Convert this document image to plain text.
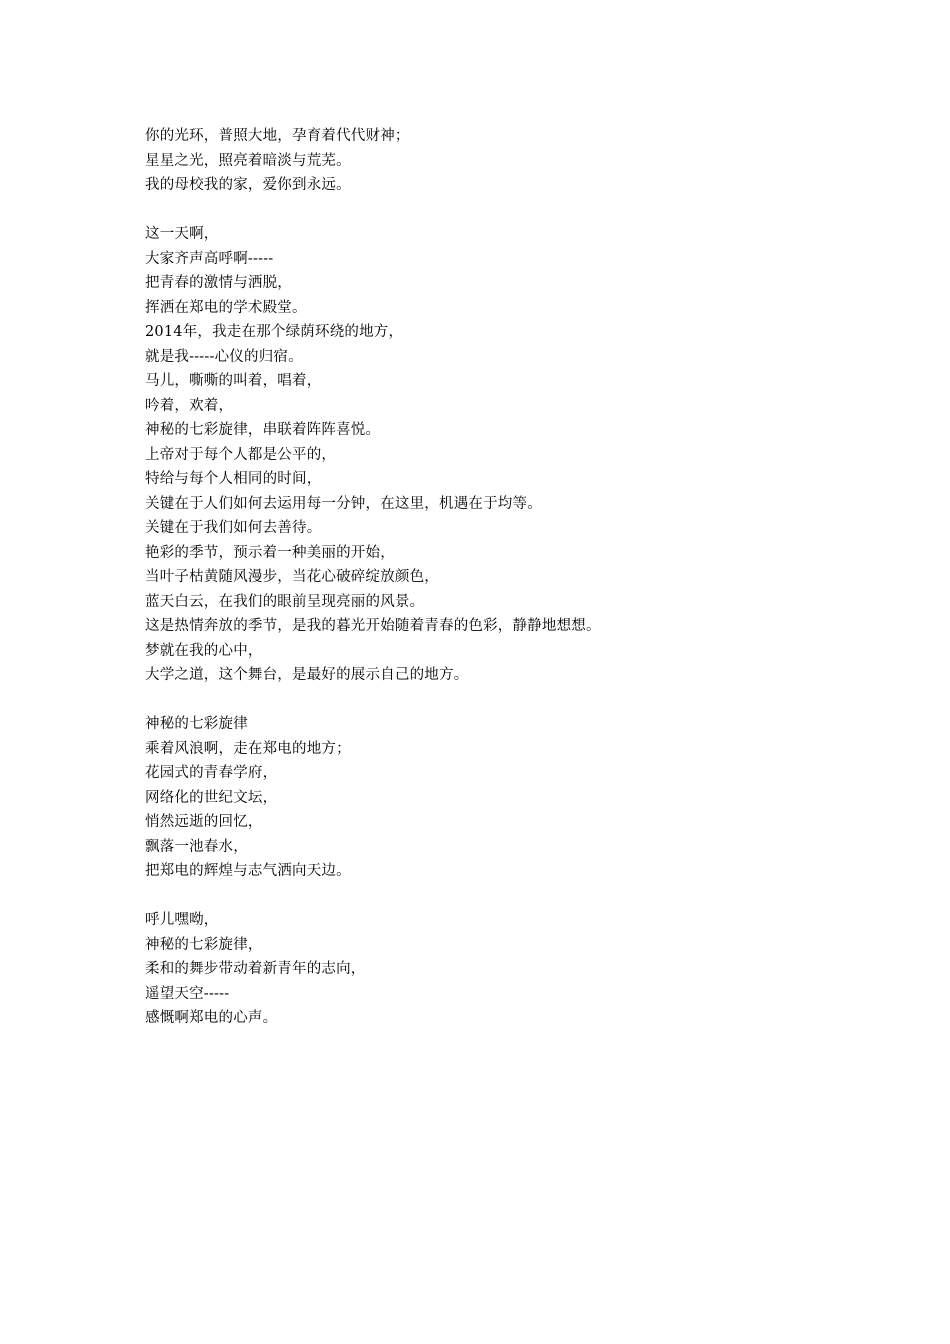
你的光环，普照大地，孕育着代代财神；
星星之光，照亮着暗淡与荒芜。
我的母校我的家，爱你到永远。
这一天啊，
大家齐声高呼啊-----
把青春的激情与洒脱，
挥洒在郑电的学术殿堂。
2014年，我走在那个绿荫环绕的地方，
就是我-----心仪的归宿。
马儿，嘶嘶的叫着，唱着，
吟着，欢着，
神秘的七彩旋律，串联着阵阵喜悦。
上帝对于每个人都是公平的，
特给与每个人相同的时间，
关键在于人们如何去运用每一分钟，在这里，机遇在于均等。
关键在于我们如何去善待。
艳彩的季节，预示着一种美丽的开始，
当叶子枯黄随风漫步，当花心破碎绽放颜色，
蓝天白云，在我们的眼前呈现亮丽的风景。
这是热情奔放的季节，是我的暮光开始随着青春的色彩，静静地想想。
梦就在我的心中，
大学之道，这个舞台，是最好的展示自己的地方。
神秘的七彩旋律
乘着风浪啊，走在郑电的地方；
花园式的青春学府，
网络化的世纪文坛，
悄然远逝的回忆，
飘落一池春水，
把郑电的辉煌与志气洒向天边。
呼儿嘿呦，
神秘的七彩旋律，
柔和的舞步带动着新青年的志向，
遥望天空-----
感慨啊郑电的心声。
